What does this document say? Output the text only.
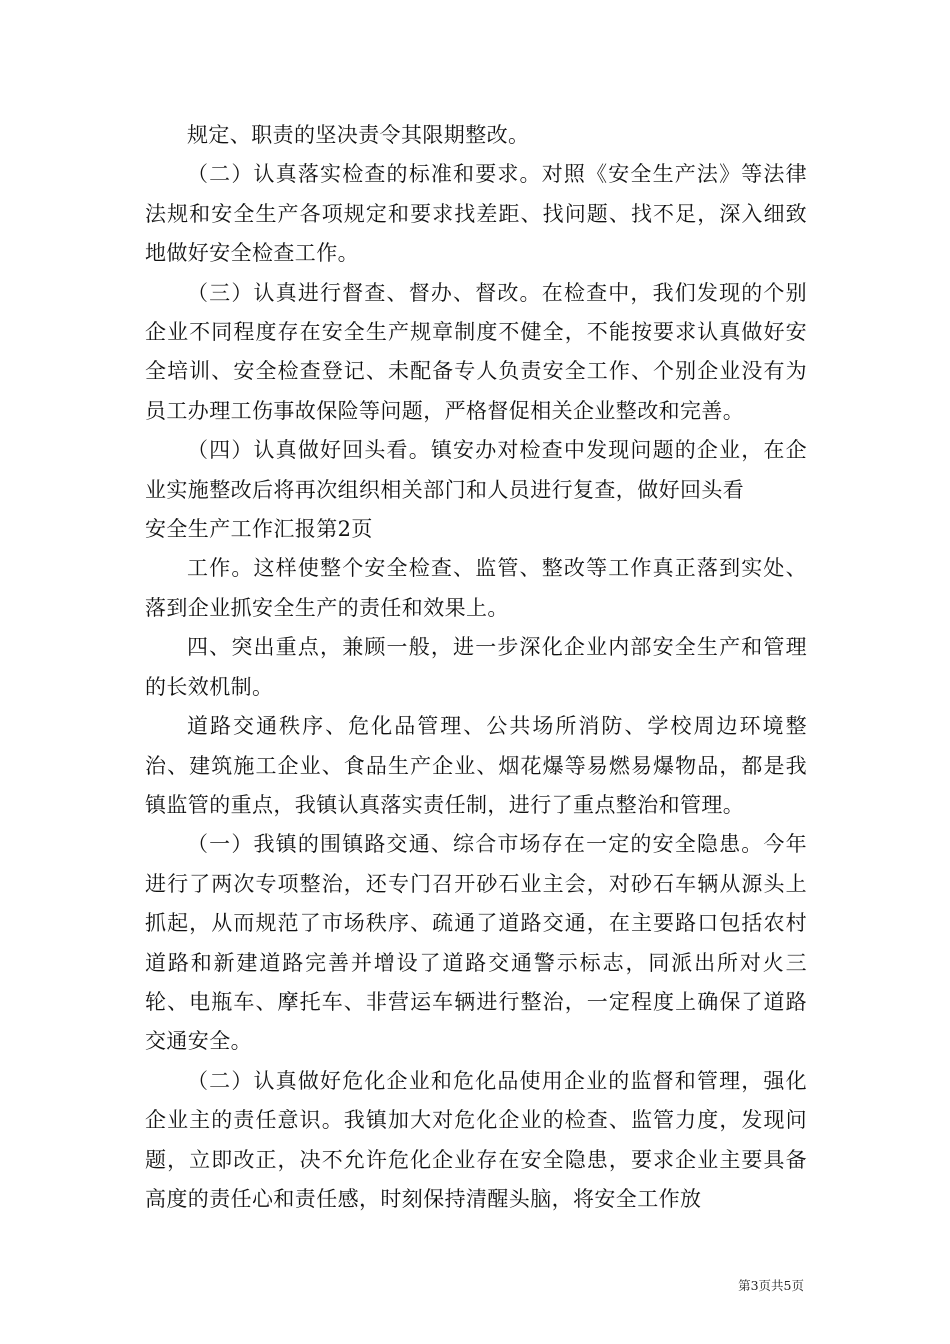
规定、职责的坚决责令其限期整改。

（二）认真落实检查的标准和要求。对照《安全生产法》等法律法规和安全生产各项规定和要求找差距、找问题、找不足，深入细致地做好安全检查工作。

（三）认真进行督查、督办、督改。在检查中，我们发现的个别企业不同程度存在安全生产规章制度不健全，不能按要求认真做好安全培训、安全检查登记、未配备专人负责安全工作、个别企业没有为员工办理工伤事故保险等问题，严格督促相关企业整改和完善。

（四）认真做好回头看。镇安办对检查中发现问题的企业，在企业实施整改后将再次组织相关部门和人员进行复查，做好回头看

安全生产工作汇报第2页

工作。这样使整个安全检查、监管、整改等工作真正落到实处、落到企业抓安全生产的责任和效果上。

四、突出重点，兼顾一般，进一步深化企业内部安全生产和管理的长效机制。

道路交通秩序、危化品管理、公共场所消防、学校周边环境整治、建筑施工企业、食品生产企业、烟花爆等易燃易爆物品，都是我镇监管的重点，我镇认真落实责任制，进行了重点整治和管理。

（一）我镇的围镇路交通、综合市场存在一定的安全隐患。今年进行了两次专项整治，还专门召开砂石业主会，对砂石车辆从源头上抓起，从而规范了市场秩序、疏通了道路交通，在主要路口包括农村道路和新建道路完善并增设了道路交通警示标志，同派出所对火三轮、电瓶车、摩托车、非营运车辆进行整治，一定程度上确保了道路交通安全。

（二）认真做好危化企业和危化品使用企业的监督和管理，强化企业主的责任意识。我镇加大对危化企业的检查、监管力度，发现问题，立即改正，决不允许危化企业存在安全隐患，要求企业主要具备高度的责任心和责任感，时刻保持清醒头脑，将安全工作放

第3页共5页
